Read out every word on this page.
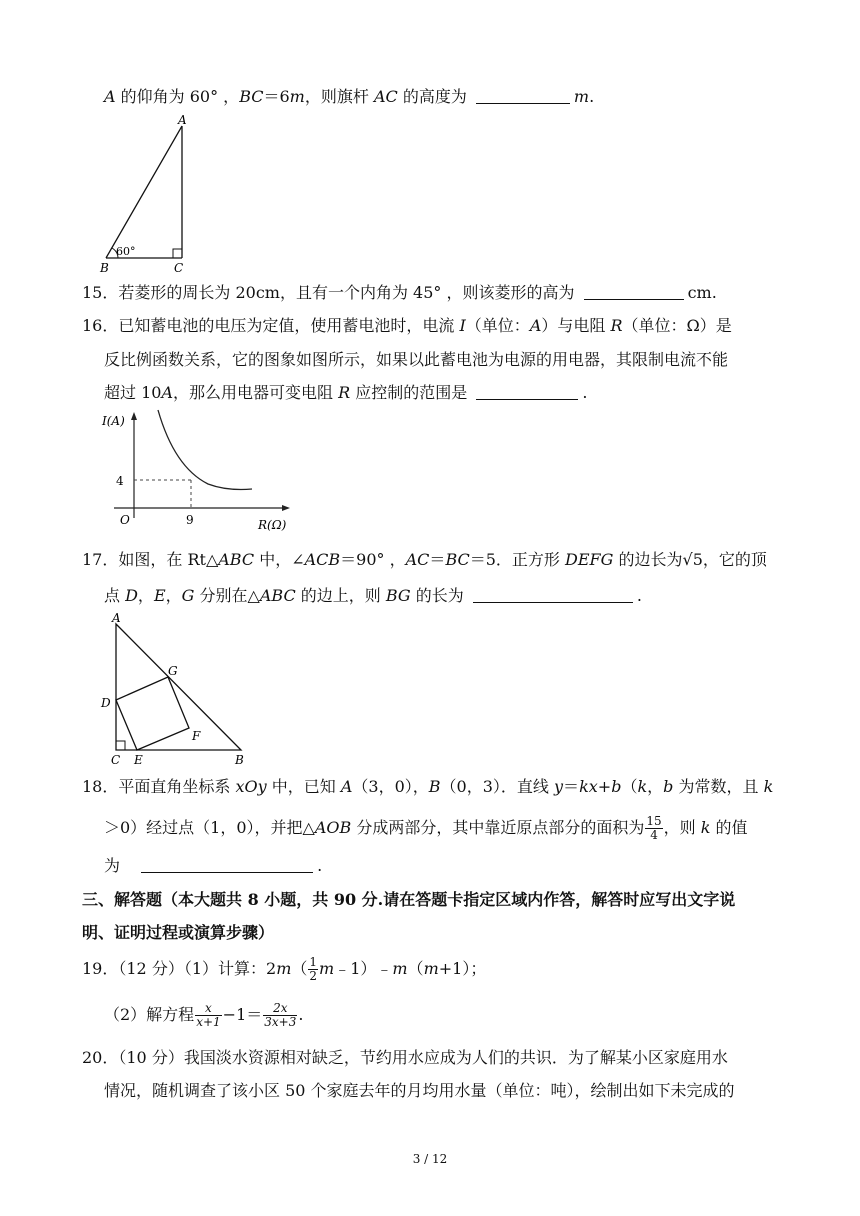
A 的仰角为 60° ，BC＝6m，则旗杆 AC 的高度为	m.
A
B	C
60°
15．若菱形的周长为 20cm，且有一个内角为 45° ，则该菱形的高为	cm.
16．已知蓄电池的电压为定值，使用蓄电池时，电流 I（单位：A）与电阻 R（单位：Ω）是
反比例函数关系，它的图象如图所示，如果以此蓄电池为电源的用电器，其限制电流不能
超过 10A，那么用电器可变电阻 R 应控制的范围是	.
I(A)
R(Ω)
O
4
9
17．如图，在 Rt△ABC 中，∠ACB＝90° ，AC＝BC＝5．正方形 DEFG 的边长为√5，它的顶
点 D，E，G 分别在△ABC 的边上，则 BG 的长为	.
A
D
G
F
C E	B
18．平面直角坐标系 xOy 中，已知 A（3，0），B（0，3）．直线 y＝kx+b（k，b 为常数，且 k
＞0）经过点（1，0），并把△AOB 分成两部分，其中靠近原点部分的面积为 $\frac{15}{4}$ ，则 k 的值
为	.
三、解答题（本大题共 8 小题，共 90 分.请在答题卡指定区域内作答，解答时应写出文字说
明、证明过程或演算步骤）
19．（12 分）（1）计算：$2m( \frac{1}{2}$ m﹣1）﹣m（m+1）；
（2）解方程 $\frac{x}{x+1} -1= \frac{2x}{3x+3}$ .
20．（10 分）我国淡水资源相对缺乏，节约用水应成为人们的共识．为了解某小区家庭用水
情况，随机调查了该小区 50 个家庭去年的月均用水量（单位：吨），绘制出如下未完成的
3 / 12
